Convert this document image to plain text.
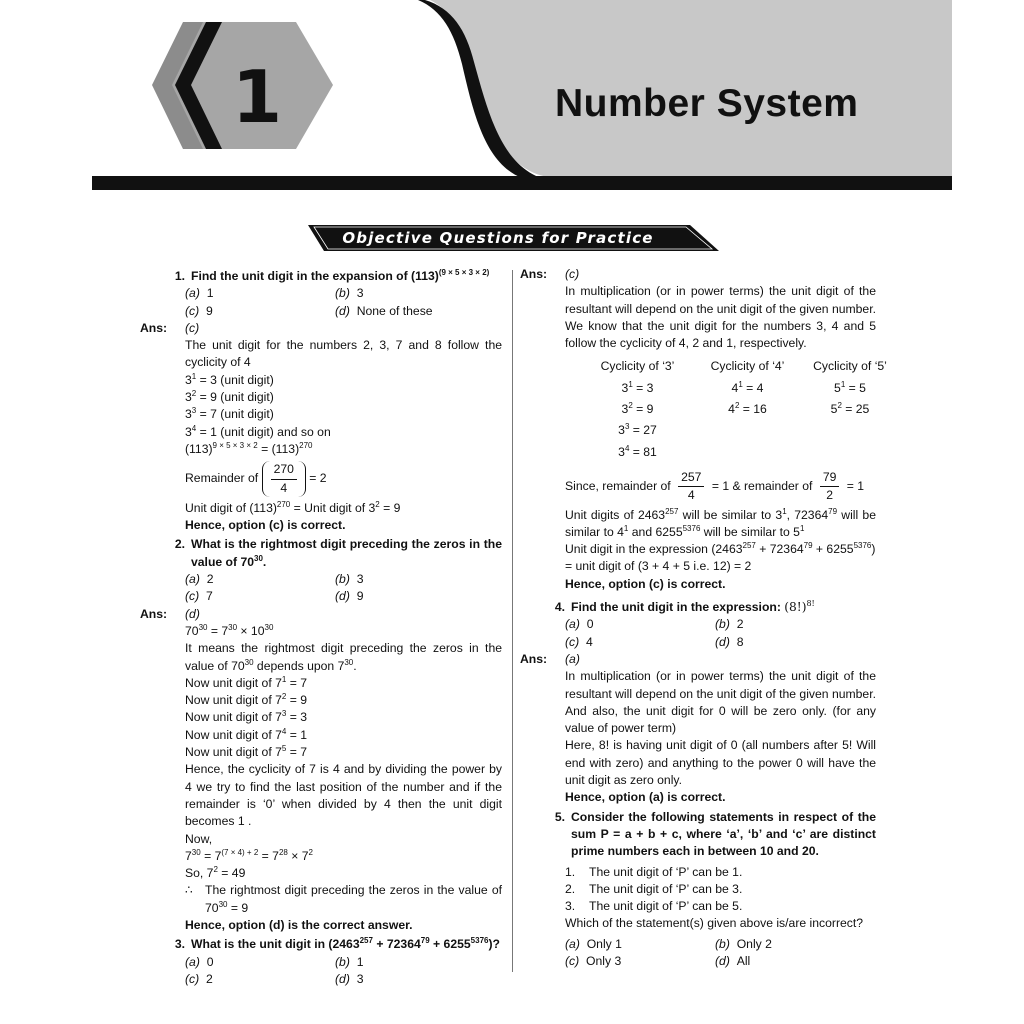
1	Number System
Objective Questions for Practice
1. Find the unit digit in the expansion of $(113)^{(9 \times 5 \times 3 \times 2)}$
(a) 1	(b) 3
(c) 9	(d) None of these
Ans:	(c)
The unit digit for the numbers 2, 3, 7 and 8 follow the cyclicity of 4
$3^1 = 3$ (unit digit)
$3^2 = 9$ (unit digit)
$3^3 = 7$ (unit digit)
$3^4 = 1$ (unit digit) and so on
$(113)^{9 \times 5 \times 3 \times 2} = (113)^{270}$
Remainder of $\frac{270}{4} = 2$
Unit digit of $(113)^{270}$ = Unit digit of $3^2 = 9$
Hence, option (c) is correct.
2. What is the rightmost digit preceding the zeros in the value of $70^{30}$.
(a) 2	(b) 3
(c) 7	(d) 9
Ans:	(d)
$70^{30} = 7^{30} \times 10^{30}$
It means the rightmost digit preceding the zeros in the value of $70^{30}$ depends upon $7^{30}$.
Now unit digit of $7^1 = 7$
Now unit digit of $7^2 = 9$
Now unit digit of $7^3 = 3$
Now unit digit of $7^4 = 1$
Now unit digit of $7^5 = 7$
Hence, the cyclicity of 7 is 4 and by dividing the power by 4 we try to find the last position of the number and if the remainder is ‘0’ when divided by 4 then the unit digit becomes 1 .
Now,
$7^{30} = 7^{(7 \times 4) + 2} = 7^{28} \times 7^2$
So, $7^2 = 49$
∴	The rightmost digit preceding the zeros in the value of $70^{30} = 9$
Hence, option (d) is the correct answer.
3. What is the unit digit in $(2463^{257} + 72364^{79} + 6255^{5376})$?
(a) 0	(b) 1
(c) 2	(d) 3
Ans:	(c)
In multiplication (or in power terms) the unit digit of the resultant will depend on the unit digit of the given number.
We know that the unit digit for the numbers 3, 4 and 5 follow the cyclicity of 4, 2 and 1, respectively.
Cyclicity of ‘3’	Cyclicity of ‘4’	Cyclicity of ‘5’
$3^1 = 3$	$4^1 = 4$	$5^1 = 5$
$3^2 = 9$	$4^2 = 16$	$5^2 = 25$
$3^3 = 27$
$3^4 = 81$
Since, remainder of $\frac{257}{4} = 1$ & remainder of $\frac{79}{2} = 1$
Unit digits of 2463$^{257}$ will be similar to $3^1$, 72364$^{79}$ will be similar to $4^1$ and $6255^{5376}$ will be similar to $5^1$
Unit digit in the expression $(2463^{257} + 72364^{79} + 6255^{5376})$
= unit digit of (3 + 4 + 5 i.e. 12) = 2
Hence, option (c) is correct.
4. Find the unit digit in the expression: $(8!)^{8!}$
(a) 0	(b) 2
(c) 4	(d) 8
Ans:	(a)
In multiplication (or in power terms) the unit digit of the resultant will depend on the unit digit of the given number.
And also, the unit digit for 0 will be zero only. (for any value of power term)
Here, 8! is having unit digit of 0 (all numbers after 5! Will end with zero) and anything to the power 0 will have the unit digit as zero only.
Hence, option (a) is correct.
5. Consider the following statements in respect of the sum P = a + b + c, where ‘a’, ‘b’ and ‘c’ are distinct prime numbers each in between 10 and 20.
1.	The unit digit of ‘P’ can be 1.
2.	The unit digit of ‘P’ can be 3.
3.	The unit digit of ‘P’ can be 5.
Which of the statement(s) given above is/are incorrect?
(a) Only 1	(b) Only 2
(c) Only 3	(d) All
